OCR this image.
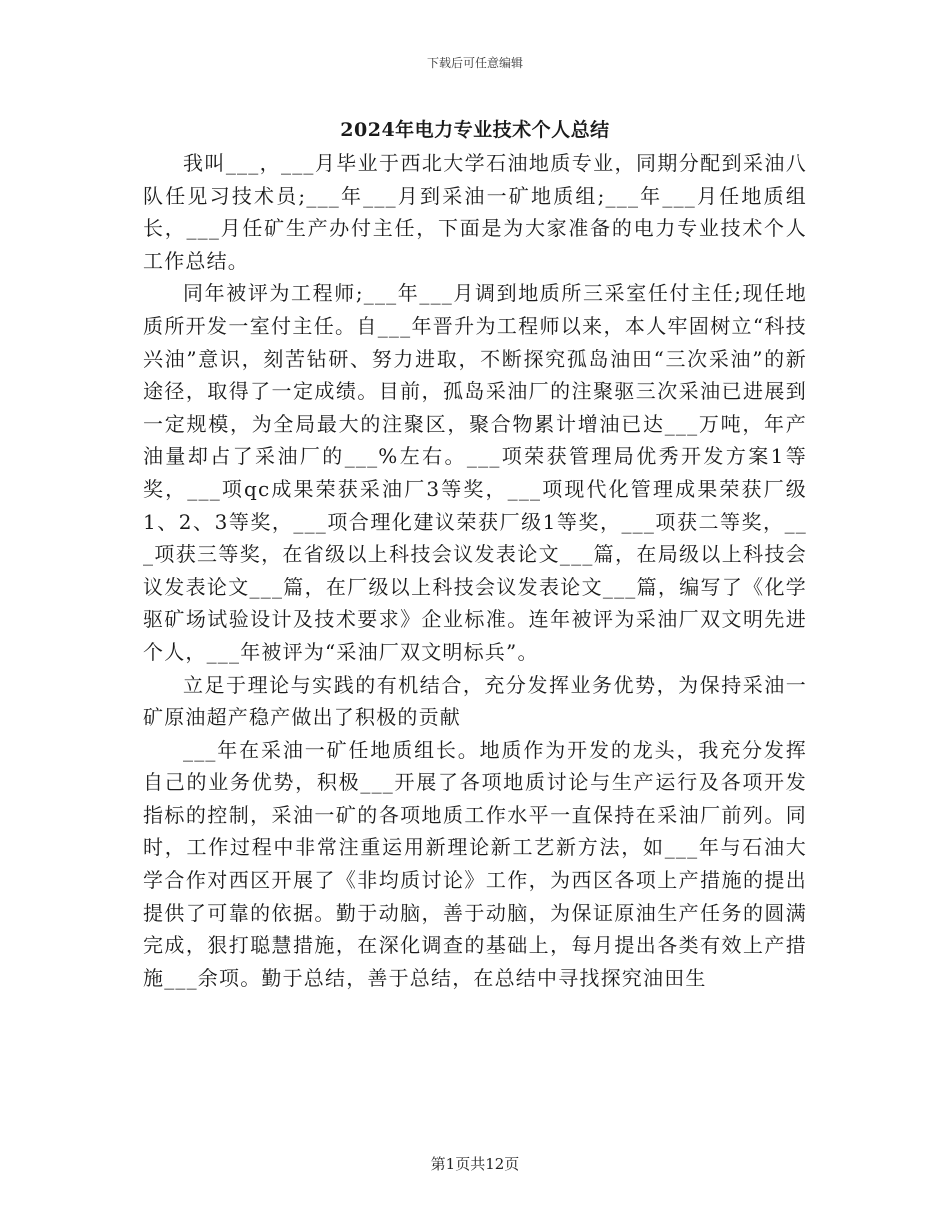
下载后可任意编辑
2024年电力专业技术个人总结

我叫___，___月毕业于西北大学石油地质专业，同期分配到采油八队任见习技术员;___年___月到采油一矿地质组;___年___月任地质组长，___月任矿生产办付主任，下面是为大家准备的电力专业技术个人工作总结。

同年被评为工程师;___年___月调到地质所三采室任付主任;现任地质所开发一室付主任。自___年晋升为工程师以来，本人牢固树立“科技兴油”意识，刻苦钻研、努力进取，不断探究孤岛油田“三次采油”的新途径，取得了一定成绩。目前，孤岛采油厂的注聚驱三次采油已进展到一定规模，为全局最大的注聚区，聚合物累计增油已达___万吨，年产油量却占了采油厂的___%左右。___项荣获管理局优秀开发方案1等奖，___项qc成果荣获采油厂3等奖，___项现代化管理成果荣获厂级1、2、3等奖，___项合理化建议荣获厂级1等奖，___项获二等奖，___项获三等奖，在省级以上科技会议发表论文___篇，在局级以上科技会议发表论文___篇，在厂级以上科技会议发表论文___篇，编写了《化学驱矿场试验设计及技术要求》企业标准。连年被评为采油厂双文明先进个人，___年被评为“采油厂双文明标兵”。

立足于理论与实践的有机结合，充分发挥业务优势，为保持采油一矿原油超产稳产做出了积极的贡献

___年在采油一矿任地质组长。地质作为开发的龙头，我充分发挥自己的业务优势，积极___开展了各项地质讨论与生产运行及各项开发指标的控制，采油一矿的各项地质工作水平一直保持在采油厂前列。同时，工作过程中非常注重运用新理论新工艺新方法，如___年与石油大学合作对西区开展了《非均质讨论》工作，为西区各项上产措施的提出提供了可靠的依据。勤于动脑，善于动脑，为保证原油生产任务的圆满完成，狠打聪慧措施，在深化调查的基础上，每月提出各类有效上产措施___余项。勤于总结，善于总结，在总结中寻找探究油田生

第1页共12页
